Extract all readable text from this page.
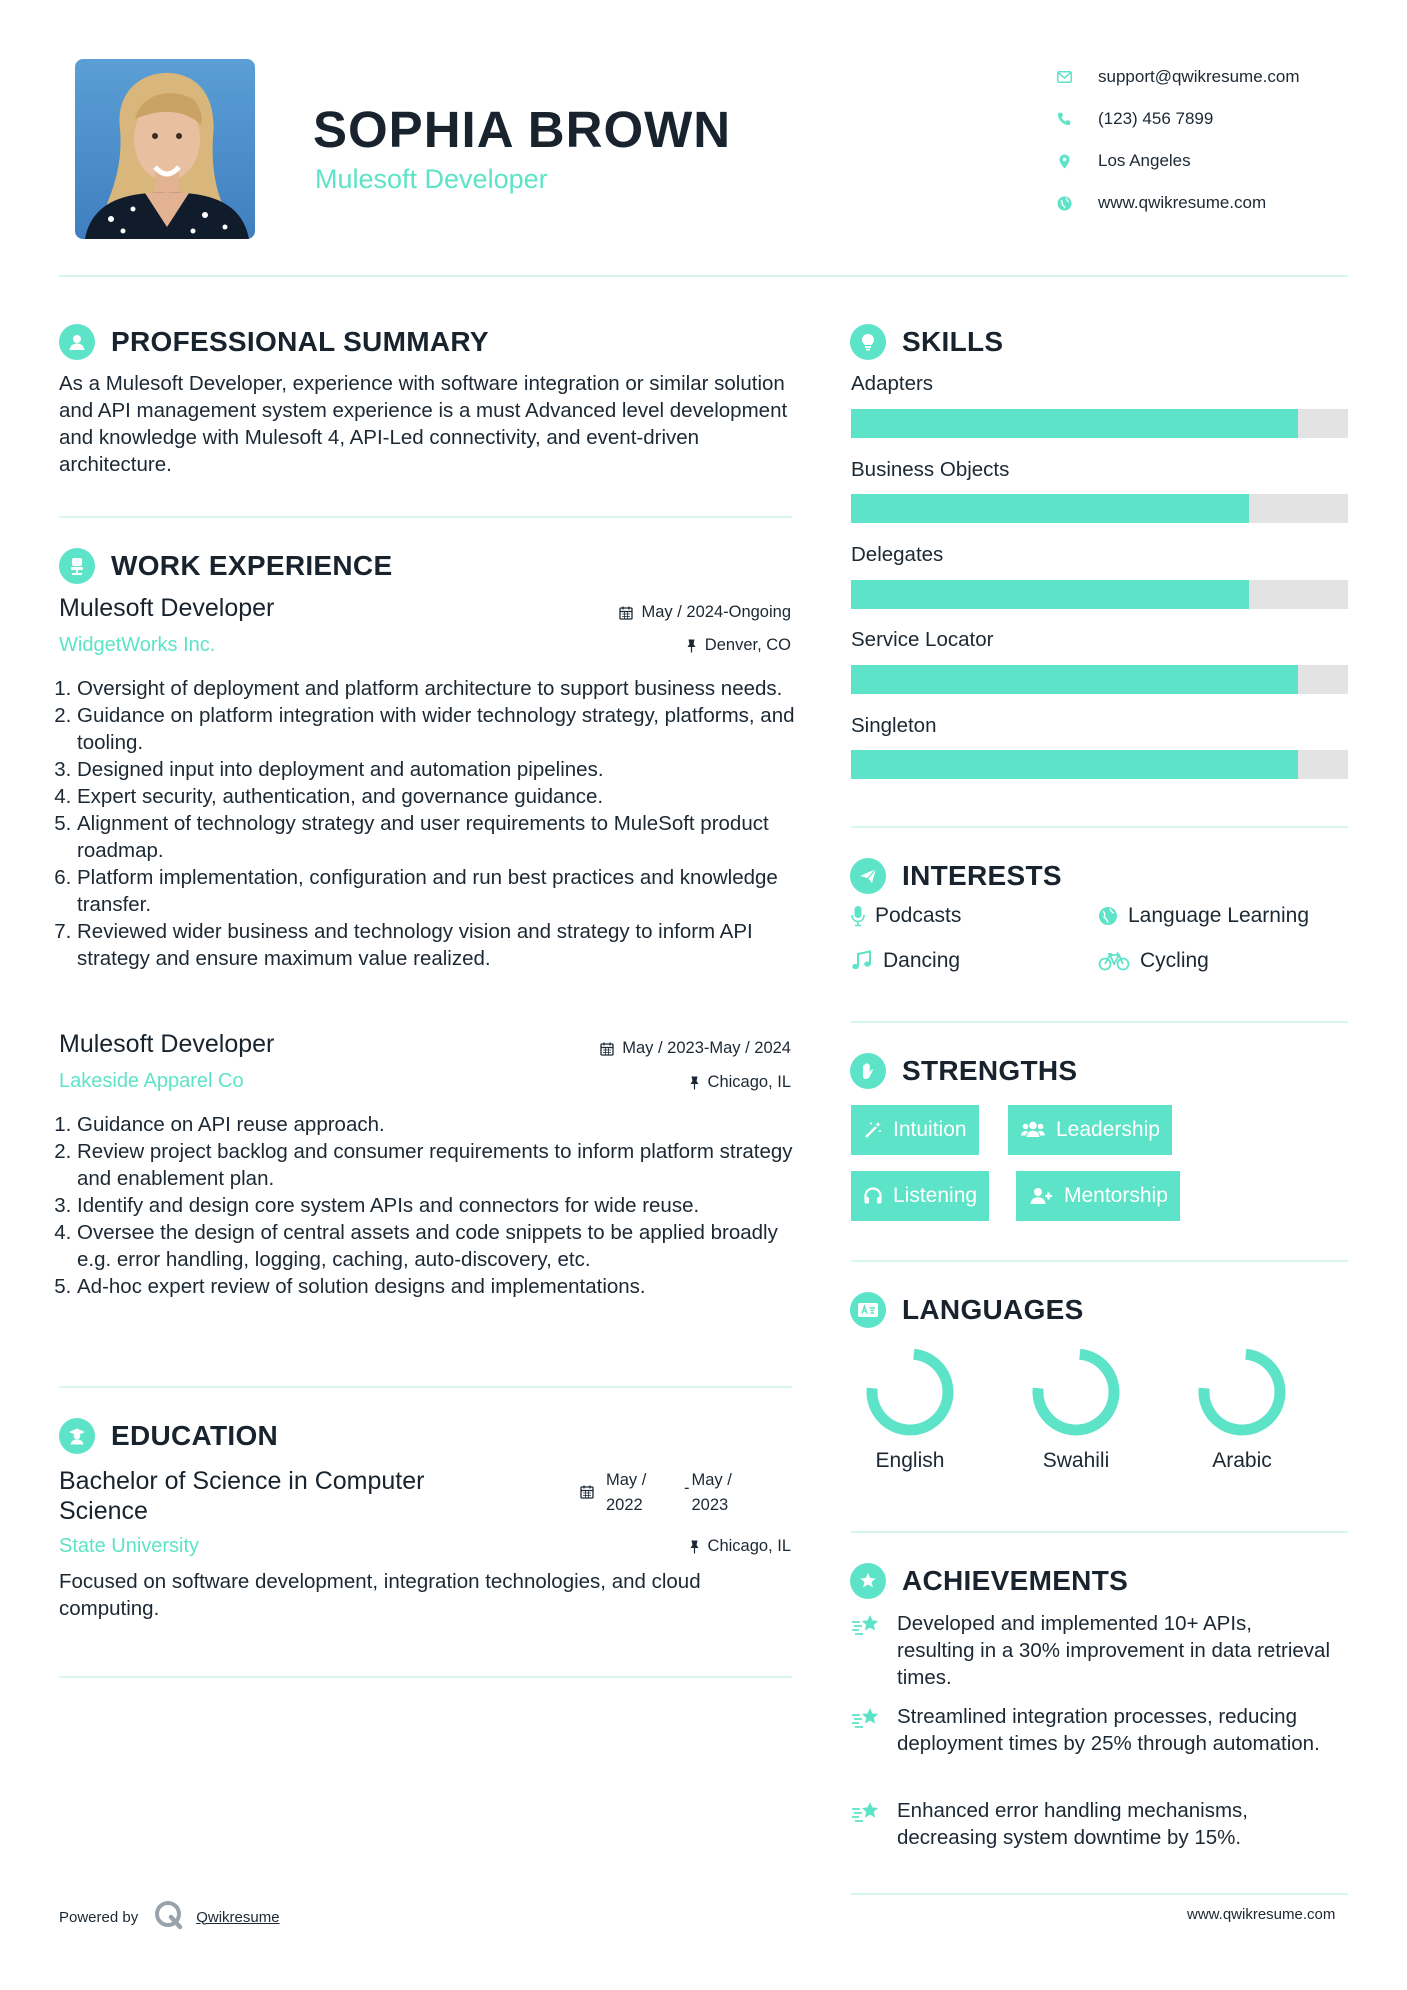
SOPHIA BROWN
Mulesoft Developer
support@qwikresume.com
(123) 456 7899
Los Angeles
www.qwikresume.com
PROFESSIONAL SUMMARY
As a Mulesoft Developer, experience with software integration or similar solution and API management system experience is a must Advanced level development and knowledge with Mulesoft 4, API-Led connectivity, and event-driven architecture.
WORK EXPERIENCE
Mulesoft Developer	May / 2024-Ongoing
WidgetWorks Inc.	Denver, CO
1. Oversight of deployment and platform architecture to support business needs.
2. Guidance on platform integration with wider technology strategy, platforms, and tooling.
3. Designed input into deployment and automation pipelines.
4. Expert security, authentication, and governance guidance.
5. Alignment of technology strategy and user requirements to MuleSoft product roadmap.
6. Platform implementation, configuration and run best practices and knowledge transfer.
7. Reviewed wider business and technology vision and strategy to inform API strategy and ensure maximum value realized.
Mulesoft Developer	May / 2023-May / 2024
Lakeside Apparel Co	Chicago, IL
1. Guidance on API reuse approach.
2. Review project backlog and consumer requirements to inform platform strategy and enablement plan.
3. Identify and design core system APIs and connectors for wide reuse.
4. Oversee the design of central assets and code snippets to be applied broadly e.g. error handling, logging, caching, auto-discovery, etc.
5. Ad-hoc expert review of solution designs and implementations.
EDUCATION
Bachelor of Science in Computer Science
May / 2022
- May / 2023
State University	Chicago, IL
Focused on software development, integration technologies, and cloud computing.
SKILLS
Adapters
Business Objects
Delegates
Service Locator
Singleton
INTERESTS
Podcasts	Language Learning
Dancing	Cycling
STRENGTHS
Intuition	Leadership
Listening	Mentorship
LANGUAGES
English	Swahili	Arabic
ACHIEVEMENTS
Developed and implemented 10+ APIs, resulting in a 30% improvement in data retrieval times.
Streamlined integration processes, reducing deployment times by 25% through automation.
Enhanced error handling mechanisms, decreasing system downtime by 15%.
Powered by	Qwikresume	www.qwikresume.com
